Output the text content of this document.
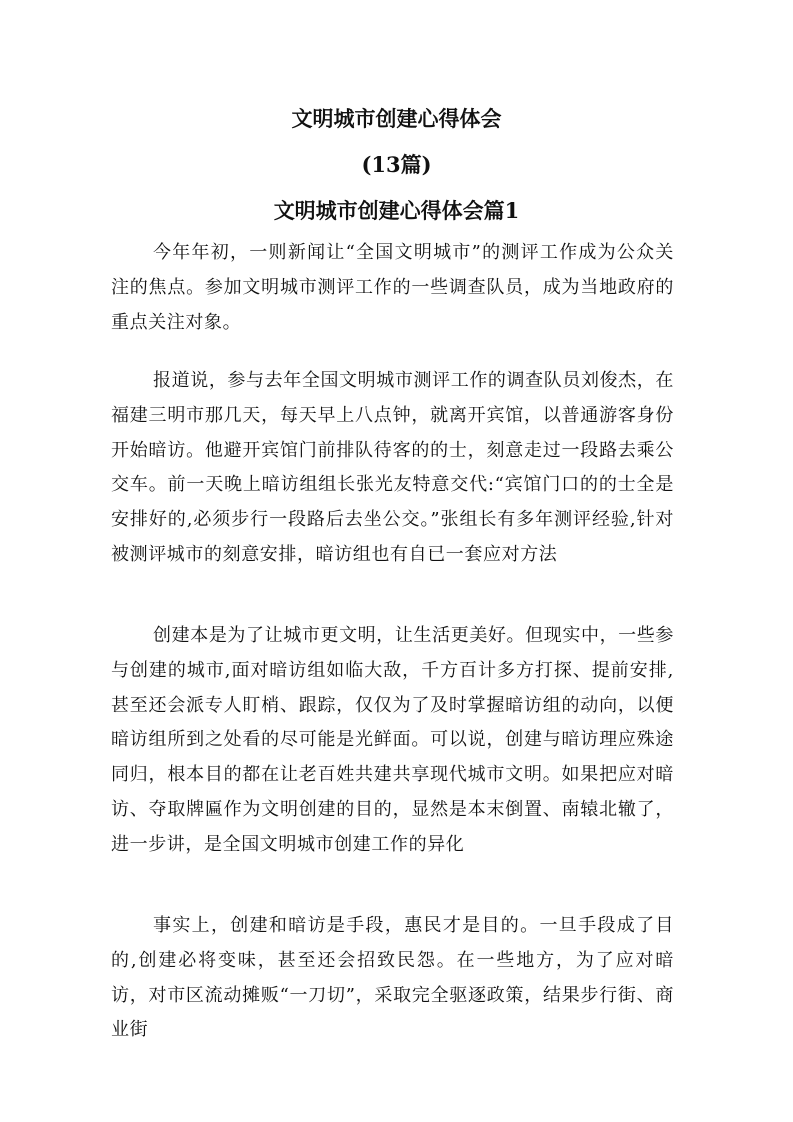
文明城市创建心得体会
(13篇)
文明城市创建心得体会篇1

今年年初，一则新闻让“全国文明城市”的测评工作成为公众关注的焦点。参加文明城市测评工作的一些调查队员，成为当地政府的重点关注对象。

报道说，参与去年全国文明城市测评工作的调查队员刘俊杰，在福建三明市那几天，每天早上八点钟，就离开宾馆，以普通游客身份开始暗访。他避开宾馆门前排队待客的的士，刻意走过一段路去乘公交车。前一天晚上暗访组组长张光友特意交代:“宾馆门口的的士全是安排好的,必须步行一段路后去坐公交。”张组长有多年测评经验,针对被测评城市的刻意安排，暗访组也有自已一套应对方法

创建本是为了让城市更文明，让生活更美好。但现实中，一些参与创建的城市,面对暗访组如临大敌，千方百计多方打探、提前安排,甚至还会派专人盯梢、跟踪，仅仅为了及时掌握暗访组的动向，以便暗访组所到之处看的尽可能是光鲜面。可以说，创建与暗访理应殊途同归，根本目的都在让老百姓共建共享现代城市文明。如果把应对暗访、夺取牌匾作为文明创建的目的，显然是本末倒置、南辕北辙了，进一步讲，是全国文明城市创建工作的异化

事实上，创建和暗访是手段，惠民才是目的。一旦手段成了目的,创建必将变味，甚至还会招致民怨。在一些地方，为了应对暗访，对市区流动摊贩“一刀切”，采取完全驱逐政策，结果步行街、商业街
